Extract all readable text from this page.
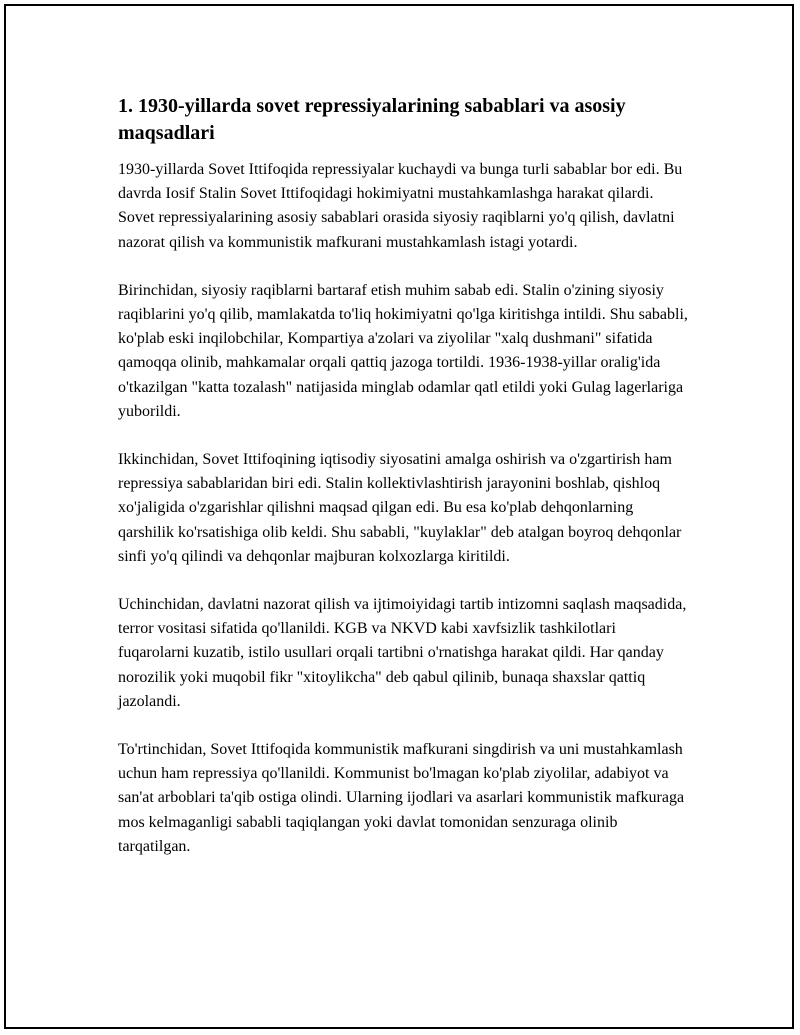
1. 1930-yillarda sovet repressiyalarining sabablari va asosiy maqsadlari

1930-yillarda Sovet Ittifoqida repressiyalar kuchaydi va bunga turli sabablar bor edi. Bu davrda Iosif Stalin Sovet Ittifoqidagi hokimiyatni mustahkamlashga harakat qilardi. Sovet repressiyalarining asosiy sabablari orasida siyosiy raqiblarni yo'q qilish, davlatni nazorat qilish va kommunistik mafkurani mustahkamlash istagi yotardi.

Birinchidan, siyosiy raqiblarni bartaraf etish muhim sabab edi. Stalin o'zining siyosiy raqiblarini yo'q qilib, mamlakatda to'liq hokimiyatni qo'lga kiritishga intildi. Shu sababli, ko'plab eski inqilobchilar, Kompartiya a'zolari va ziyolilar "xalq dushmani" sifatida qamoqqa olinib, mahkamalar orqali qattiq jazoga tortildi. 1936-1938-yillar oralig'ida o'tkazilgan "katta tozalash" natijasida minglab odamlar qatl etildi yoki Gulag lagerlariga yuborildi.

Ikkinchidan, Sovet Ittifoqining iqtisodiy siyosatini amalga oshirish va o'zgartirish ham repressiya sabablaridan biri edi. Stalin kollektivlashtirish jarayonini boshlab, qishloq xo'jaligida o'zgarishlar qilishni maqsad qilgan edi. Bu esa ko'plab dehqonlarning qarshilik ko'rsatishiga olib keldi. Shu sababli, "kuylaklar" deb atalgan boyroq dehqonlar sinfi yo'q qilindi va dehqonlar majburan kolxozlarga kiritildi.

Uchinchidan, davlatni nazorat qilish va ijtimoiyidagi tartib intizomni saqlash maqsadida, terror vositasi sifatida qo'llanildi. KGB va NKVD kabi xavfsizlik tashkilotlari fuqarolarni kuzatib, istilo usullari orqali tartibni o'rnatishga harakat qildi. Har qanday norozilik yoki muqobil fikr "xitoylikcha" deb qabul qilinib, bunaqa shaxslar qattiq jazolandi.

To'rtinchidan, Sovet Ittifoqida kommunistik mafkurani singdirish va uni mustahkamlash uchun ham repressiya qo'llanildi. Kommunist bo'lmagan ko'plab ziyolilar, adabiyot va san'at arboblari ta'qib ostiga olindi. Ularning ijodlari va asarlari kommunistik mafkuraga mos kelmaganligi sababli taqiqlangan yoki davlat tomonidan senzuraga olinib tarqatilgan.
